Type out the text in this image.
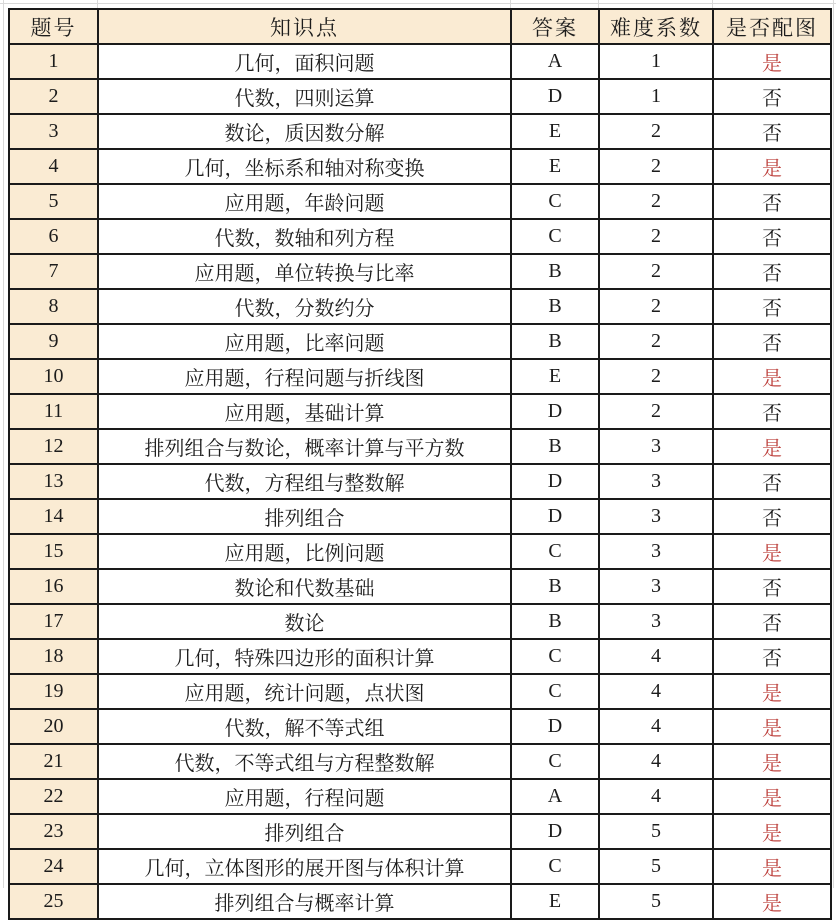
题号	知识点	答案	难度系数	是否配图
1	几何，面积问题	A	1	是
2	代数，四则运算	D	1	否
3	数论，质因数分解	E	2	否
4	几何，坐标系和轴对称变换	E	2	是
5	应用题，年龄问题	C	2	否
6	代数，数轴和列方程	C	2	否
7	应用题，单位转换与比率	B	2	否
8	代数，分数约分	B	2	否
9	应用题，比率问题	B	2	否
10	应用题，行程问题与折线图	E	2	是
11	应用题，基础计算	D	2	否
12	排列组合与数论，概率计算与平方数	B	3	是
13	代数，方程组与整数解	D	3	否
14	排列组合	D	3	否
15	应用题，比例问题	C	3	是
16	数论和代数基础	B	3	否
17	数论	B	3	否
18	几何，特殊四边形的面积计算	C	4	否
19	应用题，统计问题，点状图	C	4	是
20	代数，解不等式组	D	4	是
21	代数，不等式组与方程整数解	C	4	是
22	应用题，行程问题	A	4	是
23	排列组合	D	5	是
24	几何，立体图形的展开图与体积计算	C	5	是
25	排列组合与概率计算	E	5	是
